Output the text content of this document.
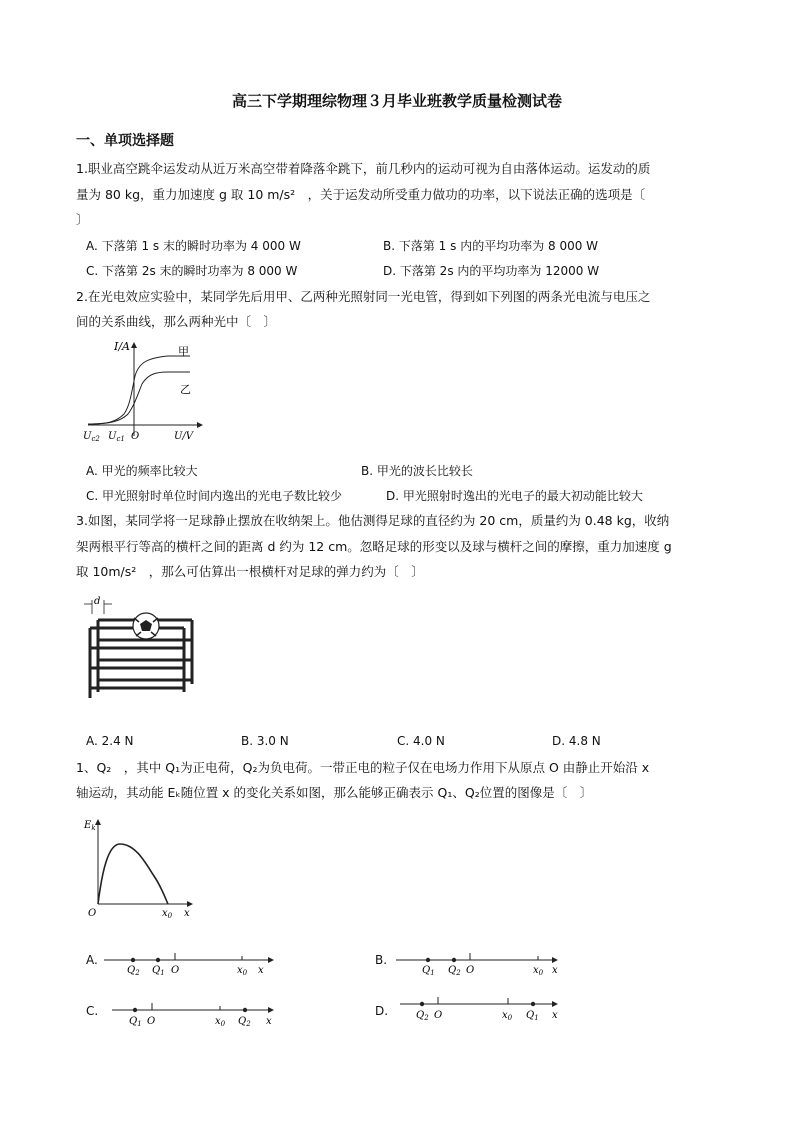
高三下学期理综物理３月毕业班教学质量检测试卷
一、单项选择题
1.职业高空跳伞运发动从近万米高空带着降落伞跳下，前几秒内的运动可视为自由落体运动。运发动的质
量为 80 kg，重力加速度 g 取 10 m/s²　，关于运发动所受重力做功的功率，以下说法正确的选项是〔
〕
A. 下落第 1 s 末的瞬时功率为 4 000 W	B. 下落第 1 s 内的平均功率为 8 000 W
C. 下落第 2s 末的瞬时功率为 8 000 W	D. 下落第 2s 内的平均功率为 12000 W
2.在光电效应实验中，某同学先后用甲、乙两种光照射同一光电管，得到如下列图的两条光电流与电压之
间的关系曲线，那么两种光中〔　〕
I/A	甲
乙
$U_{c2}$ $U_{c1}$ O	U/V
A. 甲光的频率比较大	B. 甲光的波长比较长
C. 甲光照射时单位时间内逸出的光电子数比较少	D. 甲光照射时逸出的光电子的最大初动能比较大
3.如图，某同学将一足球静止摆放在收纳架上。他估测得足球的直径约为 20 cm，质量约为 0.48 kg，收纳
架两根平行等高的横杆之间的距离 d 约为 12 cm。忽略足球的形变以及球与横杆之间的摩擦，重力加速度 g
取 10m/s²　，那么可估算出一根横杆对足球的弹力约为〔　〕
d
A. 2.4 N	B. 3.0 N	C. 4.0 N	D. 4.8 N
1、Q₂　，其中 Q₁为正电荷，Q₂为负电荷。一带正电的粒子仅在电场力作用下从原点 O 由静止开始沿 x
轴运动，其动能 Eₖ随位置 x 的变化关系如图，那么能够正确表示 Q₁、Q₂位置的图像是〔　〕
$E_k$
O	$x_0$ x
A.
$Q_2$ $Q_1$ O	$x_0$ x
B.
$Q_1$ $Q_2$ O	$x_0$ x
C.
$Q_1$ O	$x_0$ $Q_2$ x
D.	$Q_2$ O	$x_0$ $Q_1$ x
